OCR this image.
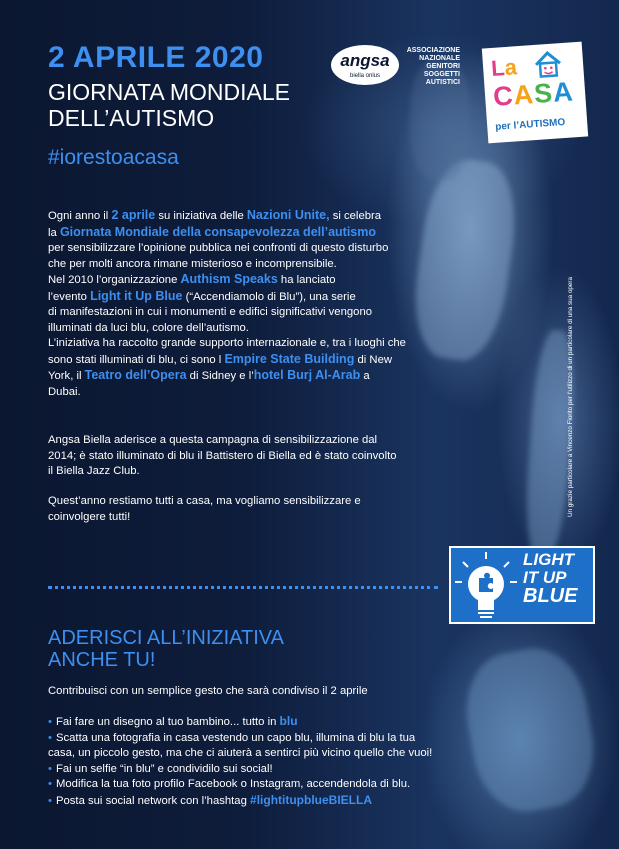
2 APRILE 2020
GIORNATA MONDIALE
DELL’AUTISMO
#iorestoacasa
angsa
biella onlus
ASSOCIAZIONE
NAZIONALE
GENITORI
SOGGETTI
AUTISTICI
La
CASA
per l’AUTISMO
Ogni anno il 2 aprile su iniziativa delle Nazioni Unite, si celebra
la Giornata Mondiale della consapevolezza dell’autismo
per sensibilizzare l’opinione pubblica nei confronti di questo disturbo
che per molti ancora rimane misterioso e incomprensibile.
Nel 2010 l’organizzazione Authism Speaks ha lanciato
l’evento Light it Up Blue (“Accendiamolo di Blu”), una serie
di manifestazioni in cui i monumenti e edifici significativi vengono
illuminati da luci blu, colore dell’autismo.
L’iniziativa ha raccolto grande supporto internazionale e, tra i luoghi che
sono stati illuminati di blu, ci sono l Empire State Building di New
York, il Teatro dell’Opera di Sidney e l’hotel Burj Al-Arab a
Dubai.
Angsa Biella aderisce a questa campagna di sensibilizzazione dal
2014; è stato illuminato di blu il Battistero di Biella ed è stato coinvolto
il Biella Jazz Club.
Quest’anno restiamo tutti a casa, ma vogliamo sensibilizzare e
coinvolgere tutti!	Un grazie particolare a Vincenzo Fiorito per l’utilizzo di un particolare di una sua opera
LIGHT
IT UP
BLUE
ADERISCI ALL’INIZIATIVA
ANCHE TU!
Contribuisci con un semplice gesto che sarà condiviso il 2 aprile
• Fai fare un disegno al tuo bambino... tutto in blu
• Scatta una fotografia in casa vestendo un capo blu, illumina di blu la tua
casa, un piccolo gesto, ma che ci aiuterà a sentirci più vicino quello che vuoi!
• Fai un selfie “in blu” e condividilo sui social!
• Modifica la tua foto profilo Facebook o Instagram, accendendola di blu.
• Posta sui social network con l’hashtag #lightitupblueBIELLA
